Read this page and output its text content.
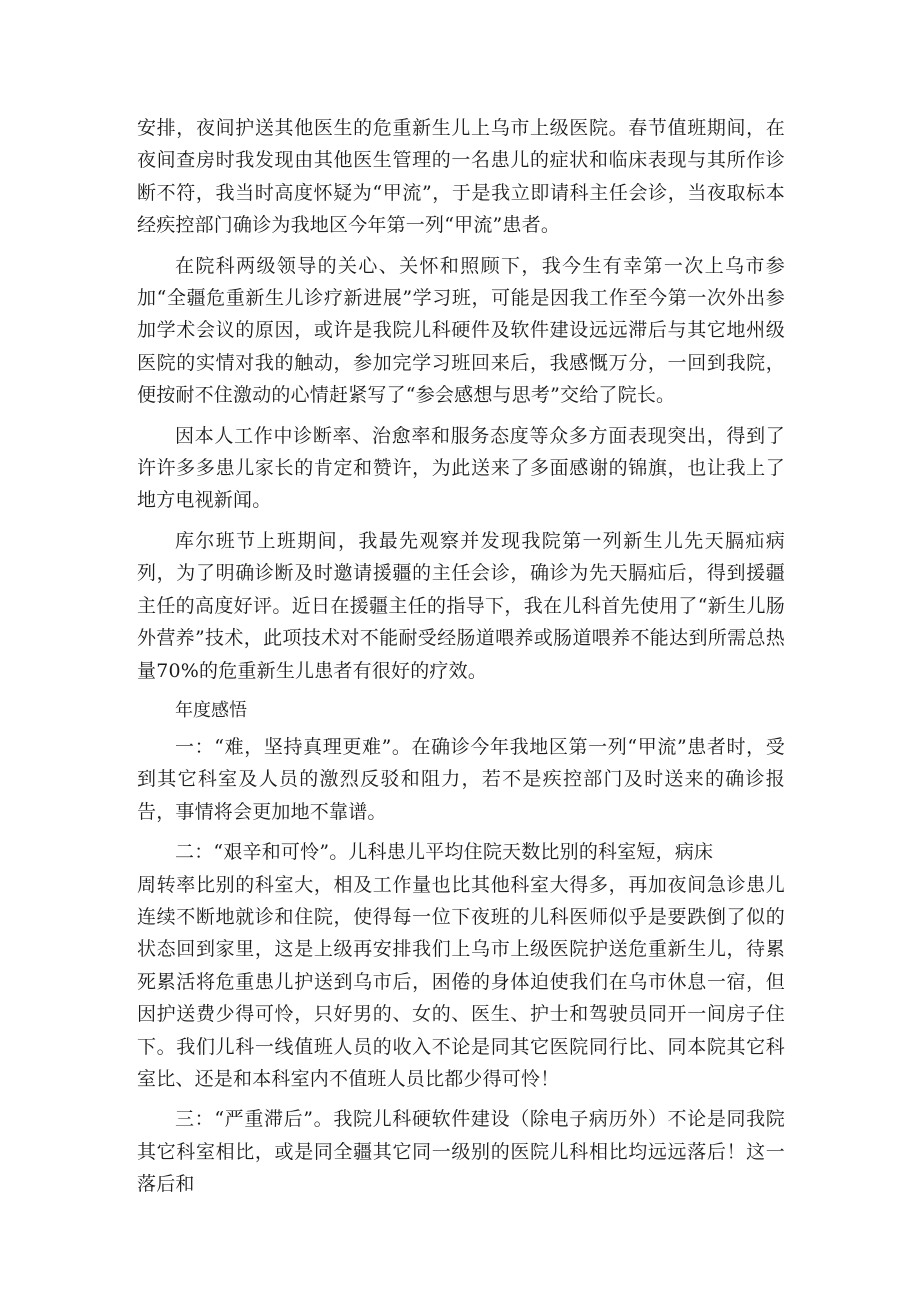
安排，夜间护送其他医生的危重新生儿上乌市上级医院。春节值班期间，在夜间查房时我发现由其他医生管理的一名患儿的症状和临床表现与其所作诊断不符，我当时高度怀疑为“甲流”，于是我立即请科主任会诊，当夜取标本经疾控部门确诊为我地区今年第一列“甲流”患者。

在院科两级领导的关心、关怀和照顾下，我今生有幸第一次上乌市参加“全疆危重新生儿诊疗新进展”学习班，可能是因我工作至今第一次外出参加学术会议的原因，或许是我院儿科硬件及软件建设远远滞后与其它地州级医院的实情对我的触动，参加完学习班回来后，我感慨万分，一回到我院，便按耐不住激动的心情赶紧写了“参会感想与思考”交给了院长。

因本人工作中诊断率、治愈率和服务态度等众多方面表现突出，得到了许许多多患儿家长的肯定和赞许，为此送来了多面感谢的锦旗，也让我上了地方电视新闻。

库尔班节上班期间，我最先观察并发现我院第一列新生儿先天膈疝病列，为了明确诊断及时邀请援疆的主任会诊，确诊为先天膈疝后，得到援疆主任的高度好评。近日在援疆主任的指导下，我在儿科首先使用了“新生儿肠外营养”技术，此项技术对不能耐受经肠道喂养或肠道喂养不能达到所需总热量70%的危重新生儿患者有很好的疗效。

年度感悟

一：“难，坚持真理更难”。在确诊今年我地区第一列“甲流”患者时，受到其它科室及人员的激烈反驳和阻力，若不是疾控部门及时送来的确诊报告，事情将会更加地不靠谱。

二：“艰辛和可怜”。儿科患儿平均住院天数比别的科室短，病床

周转率比别的科室大，相及工作量也比其他科室大得多，再加夜间急诊患儿连续不断地就诊和住院，使得每一位下夜班的儿科医师似乎是要跌倒了似的状态回到家里，这是上级再安排我们上乌市上级医院护送危重新生儿，待累死累活将危重患儿护送到乌市后，困倦的身体迫使我们在乌市休息一宿，但因护送费少得可怜，只好男的、女的、医生、护士和驾驶员同开一间房子住下。我们儿科一线值班人员的收入不论是同其它医院同行比、同本院其它科室比、还是和本科室内不值班人员比都少得可怜！

三：“严重滞后”。我院儿科硬软件建设（除电子病历外）不论是同我院其它科室相比，或是同全疆其它同一级别的医院儿科相比均远远落后！这一落后和
